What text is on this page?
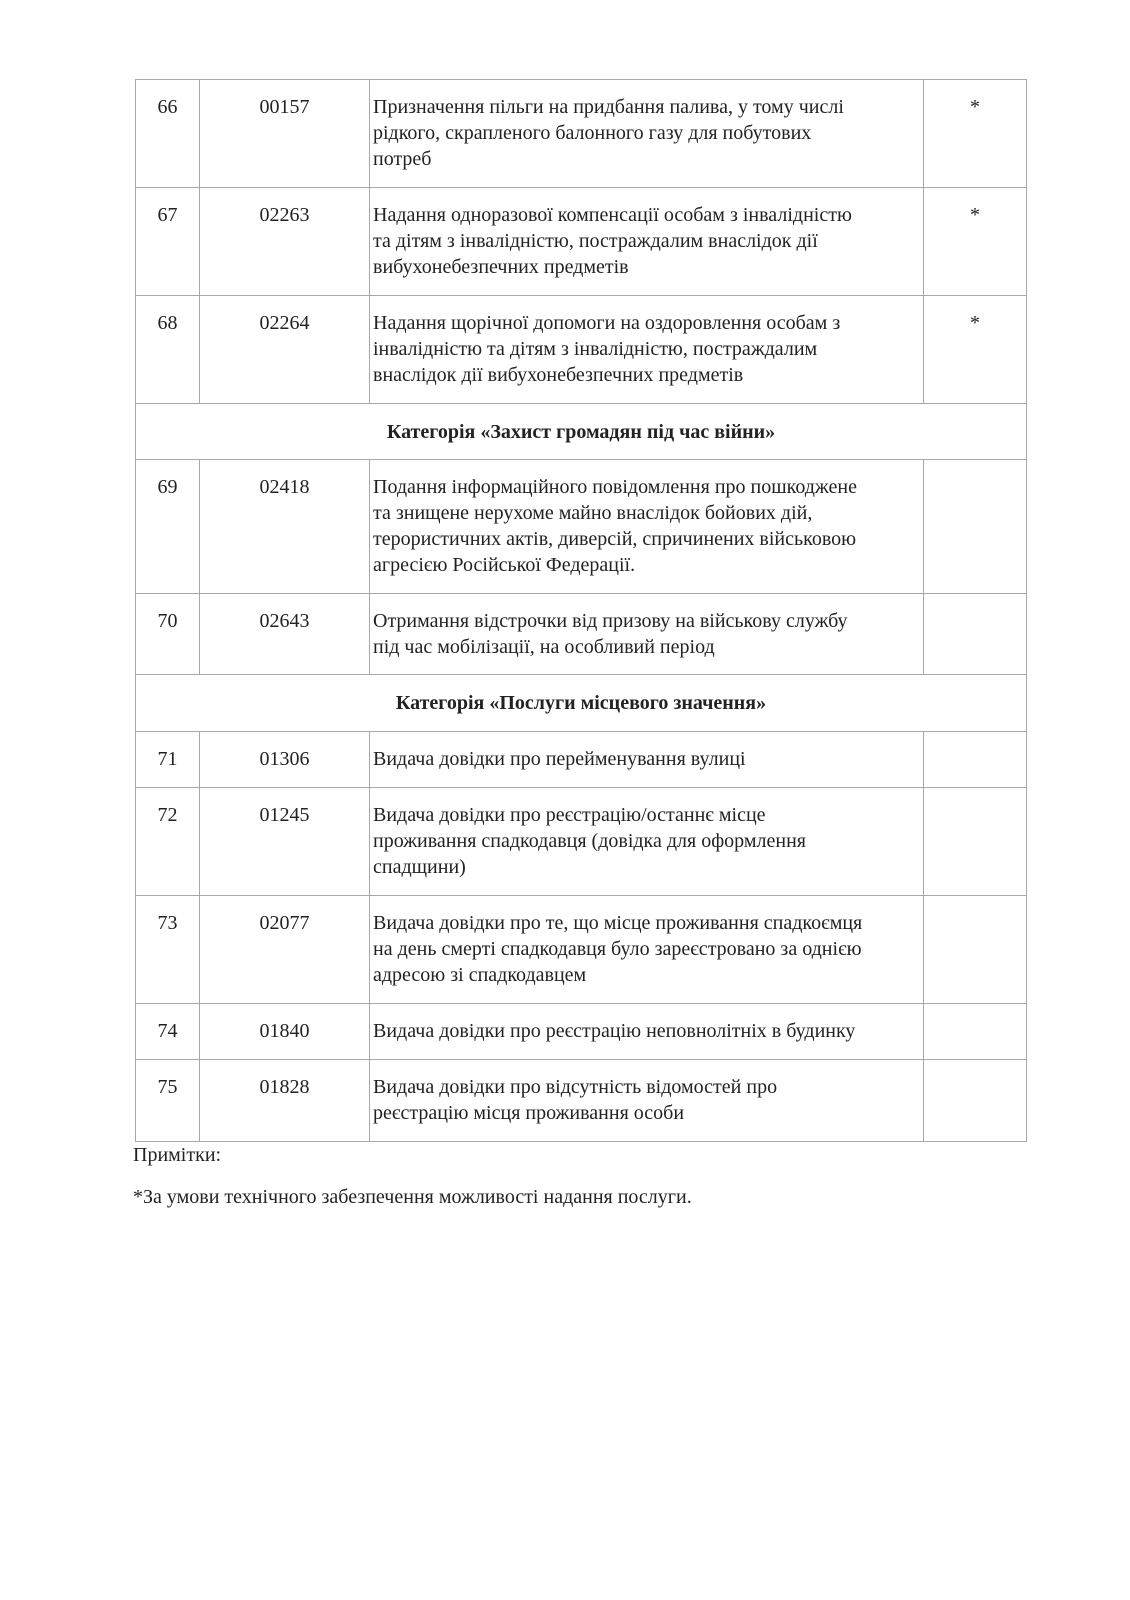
66	00157	Призначення пільги на придбання палива, у тому числі
рідкого, скрапленого балонного газу для побутових
потреб	*
67	02263	Надання одноразової компенсації особам з інвалідністю
та дітям з інвалідністю, постраждалим внаслідок дії
вибухонебезпечних предметів	*
68	02264	Надання щорічної допомоги на оздоровлення особам з
інвалідністю та дітям з інвалідністю, постраждалим
внаслідок дії вибухонебезпечних предметів	*
Категорія «Захист громадян під час війни»			
69	02418	Подання інформаційного повідомлення про пошкоджене
та знищене нерухоме майно внаслідок бойових дій,
терористичних актів, диверсій, спричинених військовою
агресією Російської Федерації.	
70	02643	Отримання відстрочки від призову на військову службу
під час мобілізації, на особливий період	
Категорія «Послуги місцевого значення»			
71	01306	Видача довідки про перейменування вулиці	
72	01245	Видача довідки про реєстрацію/останнє місце
проживання спадкодавця (довідка для оформлення
спадщини)	
73	02077	Видача довідки про те, що місце проживання спадкоємця
на день смерті спадкодавця було зареєстровано за однією
адресою зі спадкодавцем	
74	01840	Видача довідки про реєстрацію неповнолітніх в будинку	
75	01828	Видача довідки про відсутність відомостей про
реєстрацію місця проживання особи	
Примітки:
*За умови технічного забезпечення можливості надання послуги.
